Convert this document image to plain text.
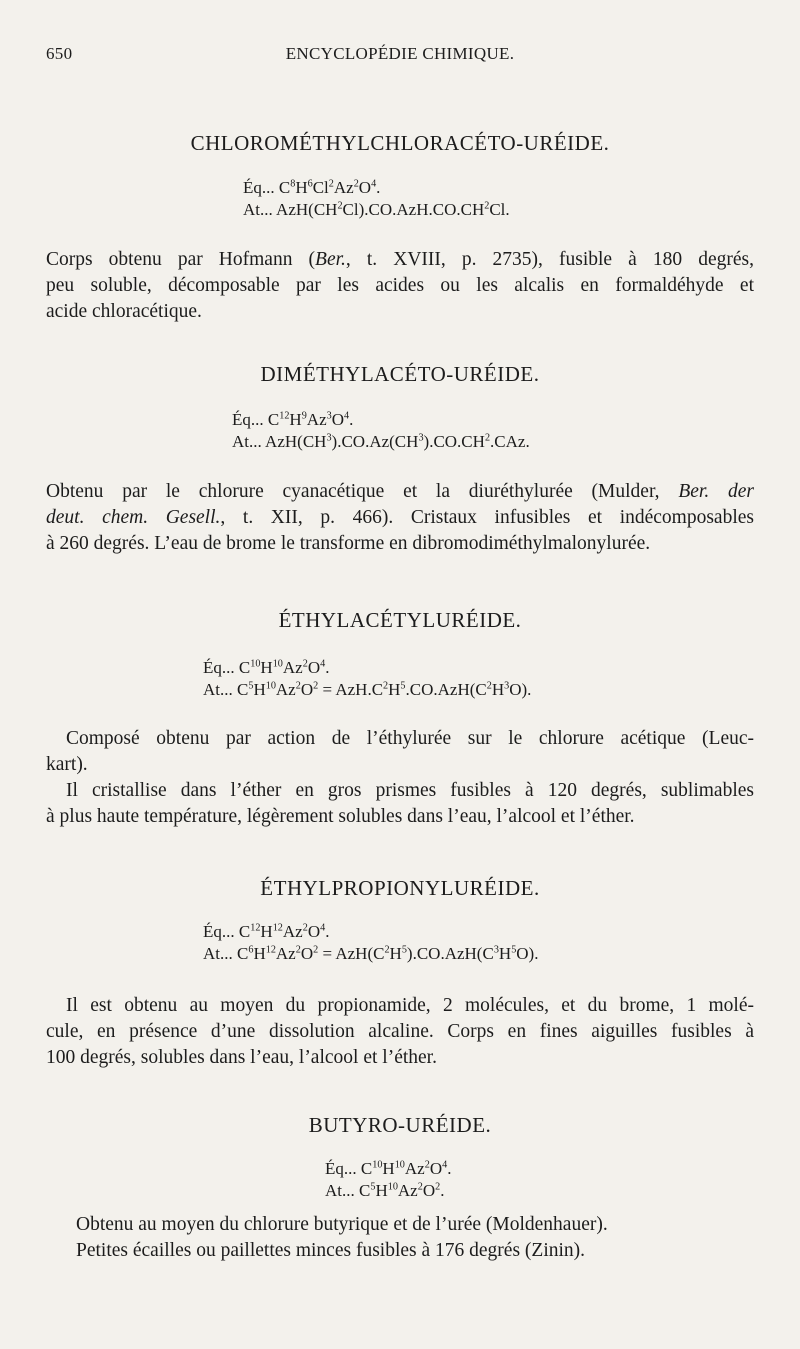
650	ENCYCLOPÉDIE CHIMIQUE.
CHLOROMÉTHYLCHLORACÉTO-URÉIDE.
Éq... $C^8H^6Cl^2Az^2O^4$.
At... $AzH(CH^2Cl).CO.AzH.CO.CH^2Cl$.
Corps obtenu par Hofmann (Ber., t. XVIII, p. 2735), fusible à 180 degrés,
peu soluble, décomposable par les acides ou les alcalis en formaldéhyde et
acide chloracétique.
DIMÉTHYLACÉTO-URÉIDE.
Éq... $C^{12}H^9Az^3O^4$.
At... $AzH(CH^3).CO.Az(CH^3).CO.CH^2.CAz$.
Obtenu par le chlorure cyanacétique et la diuréthylurée (Mulder, Ber. der
deut. chem. Gesell., t. XII, p. 466). Cristaux infusibles et indécomposables
à 260 degrés. L’eau de brome le transforme en dibromodiméthylmalonylurée.
ÉTHYLACÉTYLURÉIDE.
Éq... $C^{10}H^{10}Az^2O^4$.
At... $C^5H^{10}Az^2O^2 = AzH.C^2H^5.CO.AzH(C^2H^3O)$.
Composé obtenu par action de l’éthylurée sur le chlorure acétique (Leuc-
kart).
Il cristallise dans l’éther en gros prismes fusibles à 120 degrés, sublimables
à plus haute température, légèrement solubles dans l’eau, l’alcool et l’éther.
ÉTHYLPROPIONYLURÉIDE.
Éq... $C^{12}H^{12}Az^2O^4$.
At... $C^6H^{12}Az^2O^2 = AzH(C^2H^5).CO.AzH(C^3H^5O)$.
Il est obtenu au moyen du propionamide, 2 molécules, et du brome, 1 molé-
cule, en présence d’une dissolution alcaline. Corps en fines aiguilles fusibles à
100 degrés, solubles dans l’eau, l’alcool et l’éther.
BUTYRO-URÉIDE.
Éq... $C^{10}H^{10}Az^2O^4$.
At... $C^5H^{10}Az^2O^2$.
Obtenu au moyen du chlorure butyrique et de l’urée (Moldenhauer).
Petites écailles ou paillettes minces fusibles à 176 degrés (Zinin).
